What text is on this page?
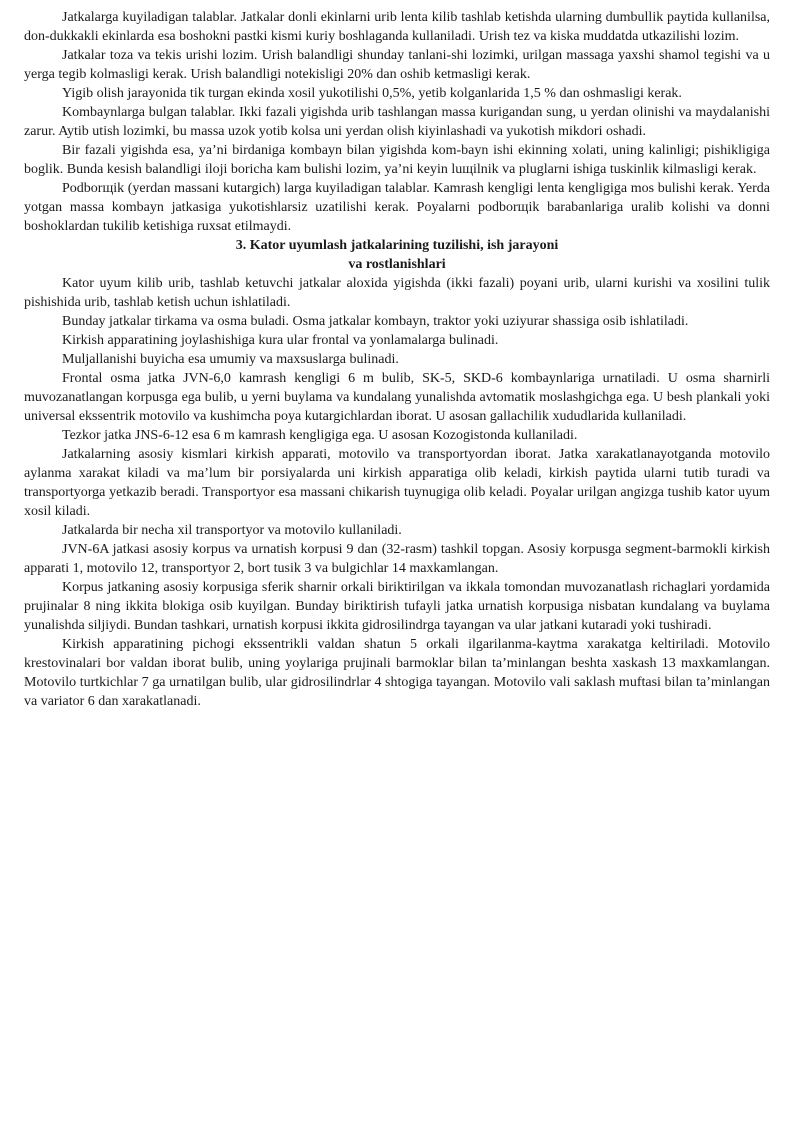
Jatkalarga kuyiladigan talablar. Jatkalar donli ekinlarni urib lenta kilib tashlab ketishda ularning dumbullik paytida kullanilsa, don-dukkakli ekinlarda esa boshokni pastki kismi kuriy boshlaganda kullaniladi. Urish tez va kiska muddatda utkazilishi lozim.

Jatkalar toza va tekis urishi lozim. Urish balandligi shunday tanlani-shi lozimki, urilgan massaga yaxshi shamol tegishi va u yerga tegib kolmasligi kerak. Urish balandligi notekisligi 20% dan oshib ketmasligi kerak.

Yigib olish jarayonida tik turgan ekinda xosil yukotilishi 0,5%, yetib kolganlarida 1,5 % dan oshmasligi kerak.

Kombaynlarga bulgan talablar. Ikki fazali yigishda urib tashlangan massa kurigandan sung, u yerdan olinishi va maydalanishi zarur. Aytib utish lozimki, bu massa uzok yotib kolsa uni yerdan olish kiyinlashadi va yukotish mikdori oshadi.

Bir fazali yigishda esa, ya’ni birdaniga kombayn bilan yigishda kom-bayn ishi ekinning xolati, uning kalinligi; pishikligiga boglik. Bunda kesish balandligi iloji boricha kam bulishi lozim, ya’ni keyin luщilnik va pluglarni ishiga tuskinlik kilmasligi kerak.

Podborщik (yerdan massani kutargich) larga kuyiladigan talablar. Kamrash kengligi lenta kengligiga mos bulishi kerak. Yerda yotgan massa kombayn jatkasiga yukotishlarsiz uzatilishi kerak. Poyalarni podborщik barabanlariga uralib kolishi va donni boshoklardan tukilib ketishiga ruxsat etilmaydi.

3. Kator uyumlash jatkalarining tuzilishi, ish jarayoni
va rostlanishlari

Kator uyum kilib urib, tashlab ketuvchi jatkalar aloxida yigishda (ikki fazali) poyani urib, ularni kurishi va xosilini tulik pishishida urib, tashlab ketish uchun ishlatiladi.

Bunday jatkalar tirkama va osma buladi. Osma jatkalar kombayn, traktor yoki uziyurar shassiga osib ishlatiladi.

Kirkish apparatining joylashishiga kura ular frontal va yonlamalarga bulinadi.

Muljallanishi buyicha esa umumiy va maxsuslarga bulinadi.

Frontal osma jatka JVN-6,0 kamrash kengligi 6 m bulib, SK-5, SKD-6 kombaynlariga urnatiladi. U osma sharnirli muvozanatlangan korpusga ega bulib, u yerni buylama va kundalang yunalishda avtomatik moslashgichga ega. U besh plankali yoki universal ekssentrik motovilo va kushimcha poya kutargichlardan iborat. U asosan gallachilik xududlarida kullaniladi.

Tezkor jatka JNS-6-12 esa 6 m kamrash kengligiga ega. U asosan Kozogistonda kullaniladi.

Jatkalarning asosiy kismlari kirkish apparati, motovilo va transportyordan iborat. Jatka xarakatlanayotganda motovilo aylanma xarakat kiladi va ma’lum bir porsiyalarda uni kirkish apparatiga olib keladi, kirkish paytida ularni tutib turadi va transportyorga yetkazib beradi. Transportyor esa massani chikarish tuynugiga olib keladi. Poyalar urilgan angizga tushib kator uyum xosil kiladi.

Jatkalarda bir necha xil transportyor va motovilo kullaniladi.

JVN-6A jatkasi asosiy korpus va urnatish korpusi 9 dan (32-rasm) tashkil topgan. Asosiy korpusga segment-barmokli kirkish apparati 1, motovilo 12, transportyor 2, bort tusik 3 va bulgichlar 14 maxkamlangan.

Korpus jatkaning asosiy korpusiga sferik sharnir orkali biriktirilgan va ikkala tomondan muvozanatlash richaglari yordamida prujinalar 8 ning ikkita blokiga osib kuyilgan. Bunday biriktirish tufayli jatka urnatish korpusiga nisbatan kundalang va buylama yunalishda siljiydi. Bundan tashkari, urnatish korpusi ikkita gidrosilindrga tayangan va ular jatkani kutaradi yoki tushiradi.

Kirkish apparatining pichogi ekssentrikli valdan shatun 5 orkali ilgarilanma-kaytma xarakatga keltiriladi. Motovilo krestovinalari bor valdan iborat bulib, uning yoylariga prujinali barmoklar bilan ta’minlangan beshta xaskash 13 maxkamlangan. Motovilo turtkichlar 7 ga urnatilgan bulib, ular gidrosilindrlar 4 shtogiga tayangan. Motovilo vali saklash muftasi bilan ta’minlangan va variator 6 dan xarakatlanadi.
